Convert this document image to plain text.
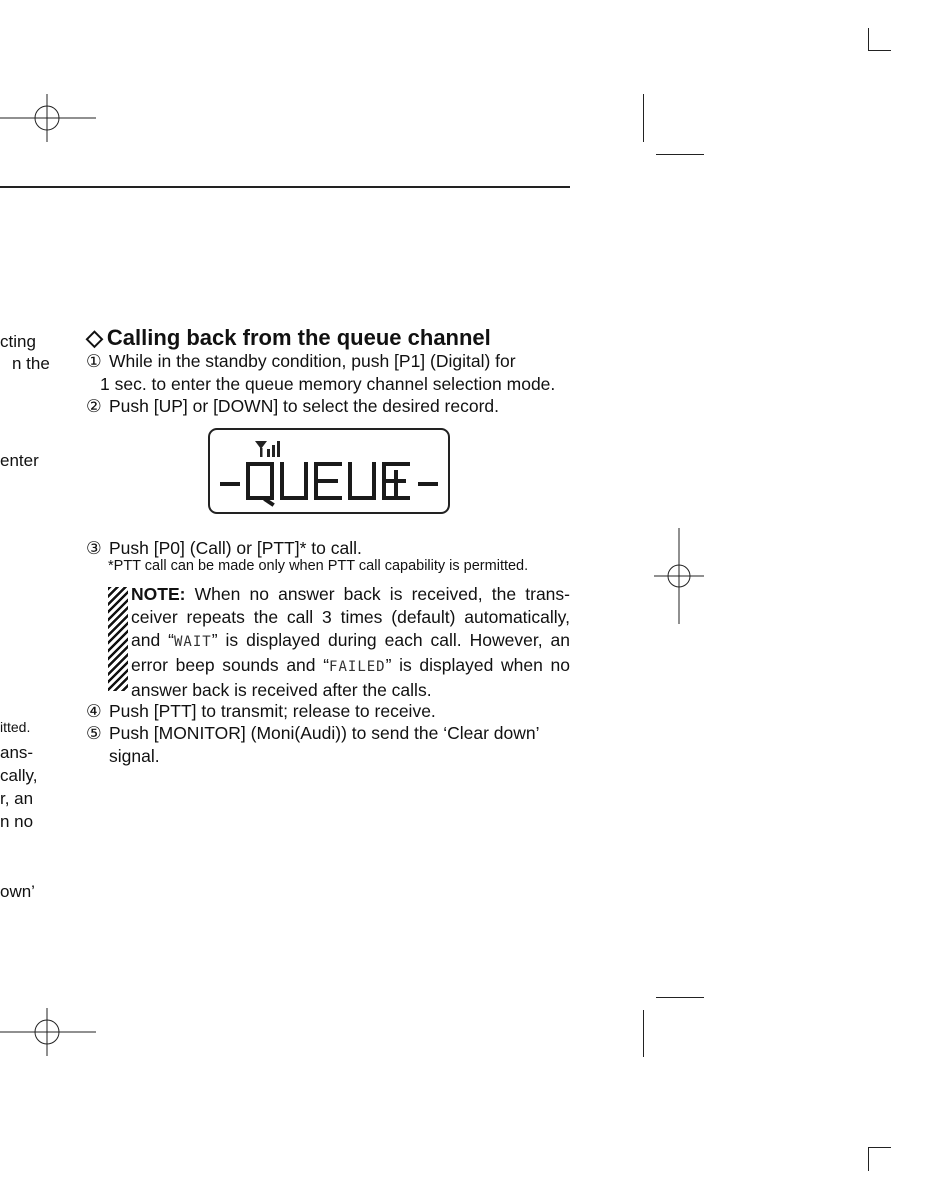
cting
n the
enter
itted.
ans-
cally,
r, an
n no
own’
◇ Calling back from the queue channel
① While in the standby condition, push [P1] (Digital) for
1 sec. to enter the queue memory channel selection mode.
② Push [UP] or [DOWN] to select the desired record.
③ Push [P0] (Call) or [PTT]* to call.
*PTT call can be made only when PTT call capability is permitted.
NOTE: When no answer back is received, the trans-ceiver repeats the call 3 times (default) automatically, and “WAIT” is displayed during each call. However, an error beep sounds and “FAILED” is displayed when no answer back is received after the calls.
④ Push [PTT] to transmit; release to receive.
⑤ Push [MONITOR] (Moni(Audi)) to send the ‘Clear down’
signal.
